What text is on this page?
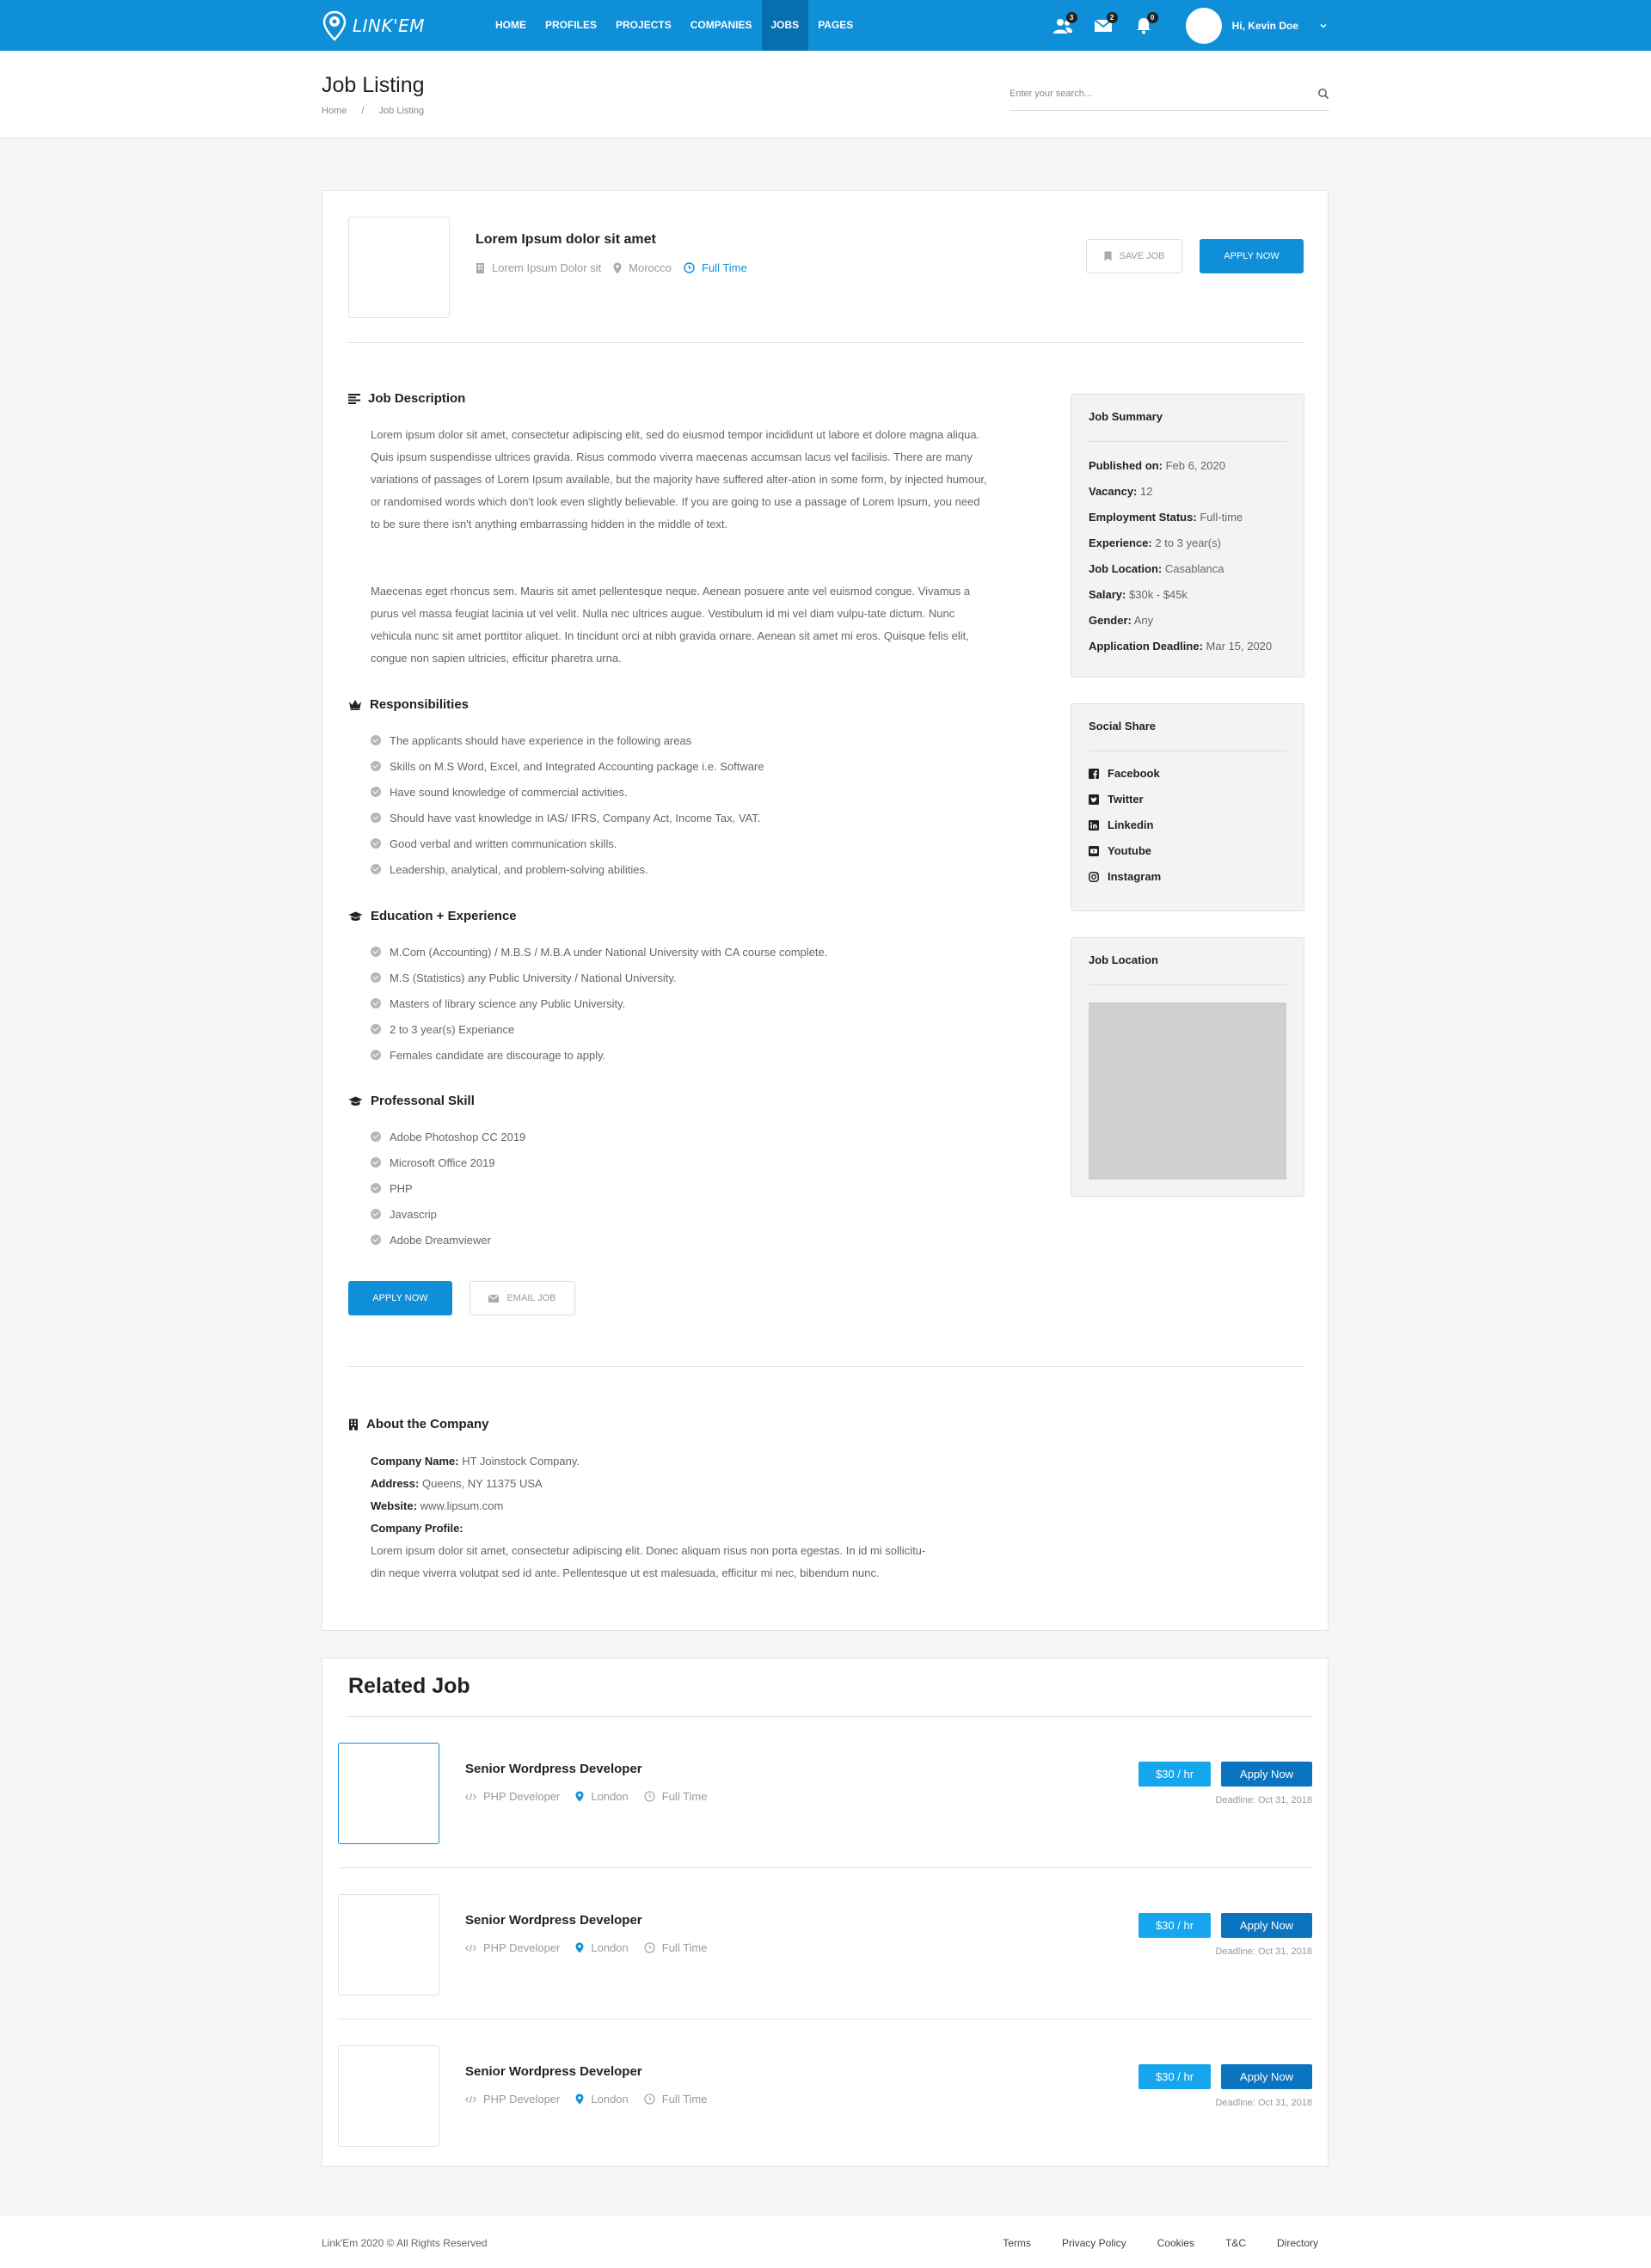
LINK'EM	HOME	PROFILES	PROJECTS	COMPANIES	JOBS	PAGES
3	2	0
Hi, Kevin Doe
Job Listing
Home / Job Listing
Enter your search...
Lorem Ipsum dolor sit amet
Lorem Ipsum Dolor sit Morocco	Full Time
SAVE JOB	APPLY NOW
Job Description

Lorem ipsum dolor sit amet, consectetur adipiscing elit, sed do eiusmod tempor incididunt ut labore et dolore magna aliqua. Quis ipsum suspendisse ultrices gravida. Risus commodo viverra maecenas accumsan lacus vel facilisis. There are many variations of passages of Lorem Ipsum available, but the majority have suffered alter-ation in some form, by injected humour, or randomised words which don't look even slightly believable. If you are going to use a passage of Lorem Ipsum, you need to be sure there isn't anything embarrassing hidden in the middle of text.

Maecenas eget rhoncus sem. Mauris sit amet pellentesque neque. Aenean posuere ante vel euismod congue. Vivamus a purus vel massa feugiat lacinia ut vel velit. Nulla nec ultrices augue. Vestibulum id mi vel diam vulpu-tate dictum. Nunc vehicula nunc sit amet porttitor aliquet. In tincidunt orci at nibh gravida ornare. Aenean sit amet mi eros. Quisque felis elit, congue non sapien ultricies, efficitur pharetra urna.

Responsibilities
The applicants should have experience in the following areas
Skills on M.S Word, Excel, and Integrated Accounting package i.e. Software
Have sound knowledge of commercial activities.
Should have vast knowledge in IAS/ IFRS, Company Act, Income Tax, VAT.
Good verbal and written communication skills.
Leadership, analytical, and problem-solving abilities.
Education + Experience
M.Com (Accounting) / M.B.S / M.B.A under National University with CA course complete.
M.S (Statistics) any Public University / National University.
Masters of library science any Public University.
2 to 3 year(s) Experiance
Females candidate are discourage to apply.
Professonal Skill
Adobe Photoshop CC 2019
Microsoft Office 2019
PHP
Javascrip
Adobe Dreamviewer
APPLY NOW	EMAIL JOB
About the Company
Company Name: HT Joinstock Company.
Address: Queens, NY 11375 USA
Website: www.lipsum.com
Company Profile:
Lorem ipsum dolor sit amet, consectetur adipiscing elit. Donec aliquam risus non porta egestas. In id mi sollicitu-
din neque viverra volutpat sed id ante. Pellentesque ut est malesuada, efficitur mi nec, bibendum nunc.
Job Summary
Published on: Feb 6, 2020
Vacancy: 12
Employment Status: Full-time
Experience: 2 to 3 year(s)
Job Location: Casablanca
Salary: $30k - $45k
Gender: Any
Application Deadline: Mar 15, 2020
Social Share
Facebook
Twitter
Linkedin
Youtube
Instagram
Job Location
Related Job
Senior Wordpress Developer
PHP Developer	London	Full Time
$30 / hr	Apply Now
Deadline: Oct 31, 2018
Senior Wordpress Developer
PHP Developer	London	Full Time
$30 / hr	Apply Now
Deadline: Oct 31, 2018
Senior Wordpress Developer
PHP Developer	London	Full Time
$30 / hr	Apply Now
Deadline: Oct 31, 2018
Link'Em 2020 © All Rights Reserved	Terms	Privacy Policy	Cookies	T&C	Directory
